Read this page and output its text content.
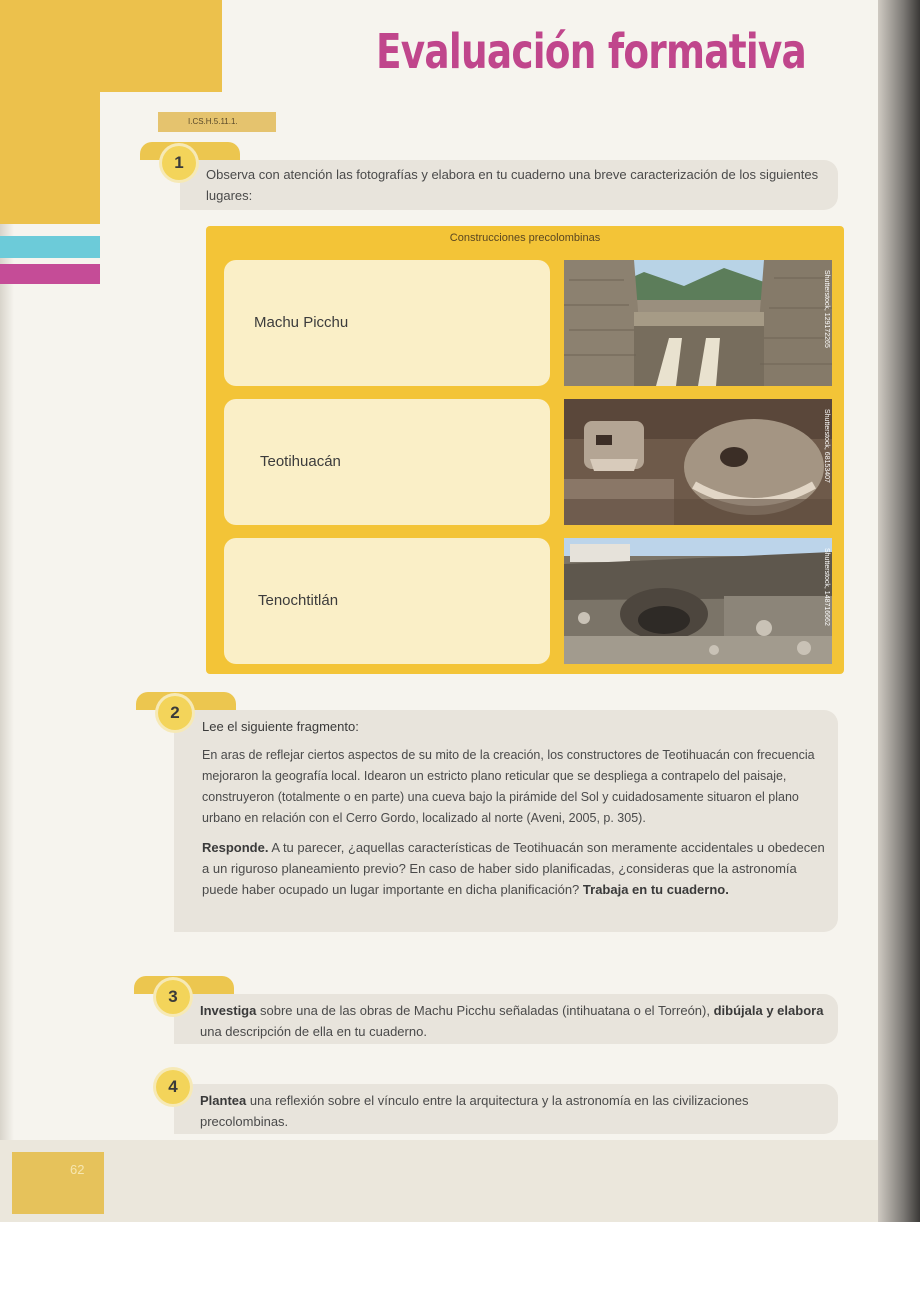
Evaluación formativa
I.CS.H.5.11.1.

Observa con atención las fotografías y elabora en tu cuaderno una breve caracterización de los siguientes lugares:

1
Construcciones precolombinas
Machu Picchu	Shutterstock, 129172265
Teotihuacán	Shutterstock, 68153407
Tenochtitlán	Shutterstock, 148716662

Lee el siguiente fragmento:

En aras de reflejar ciertos aspectos de su mito de la creación, los constructores de Teotihuacán con frecuencia mejoraron la geografía local. Idearon un estricto plano reticular que se despliega a contrapelo del paisaje, construyeron (totalmente o en parte) una cueva bajo la pirámide del Sol y cuidadosamente situaron el plano urbano en relación con el Cerro Gordo, localizado al norte (Aveni, 2005, p. 305).

Responde. A tu parecer, ¿aquellas características de Teotihuacán son meramente accidentales u obedecen a un riguroso planeamiento previo? En caso de haber sido planificadas, ¿consideras que la astronomía puede haber ocupado un lugar importante en dicha planificación? Trabaja en tu cuaderno.

2

Investiga sobre una de las obras de Machu Picchu señaladas (intihuatana o el Torreón), dibújala y elabora una descripción de ella en tu cuaderno.

3

Plantea una reflexión sobre el vínculo entre la arquitectura y la astronomía en las civilizaciones precolombinas.

4
62
